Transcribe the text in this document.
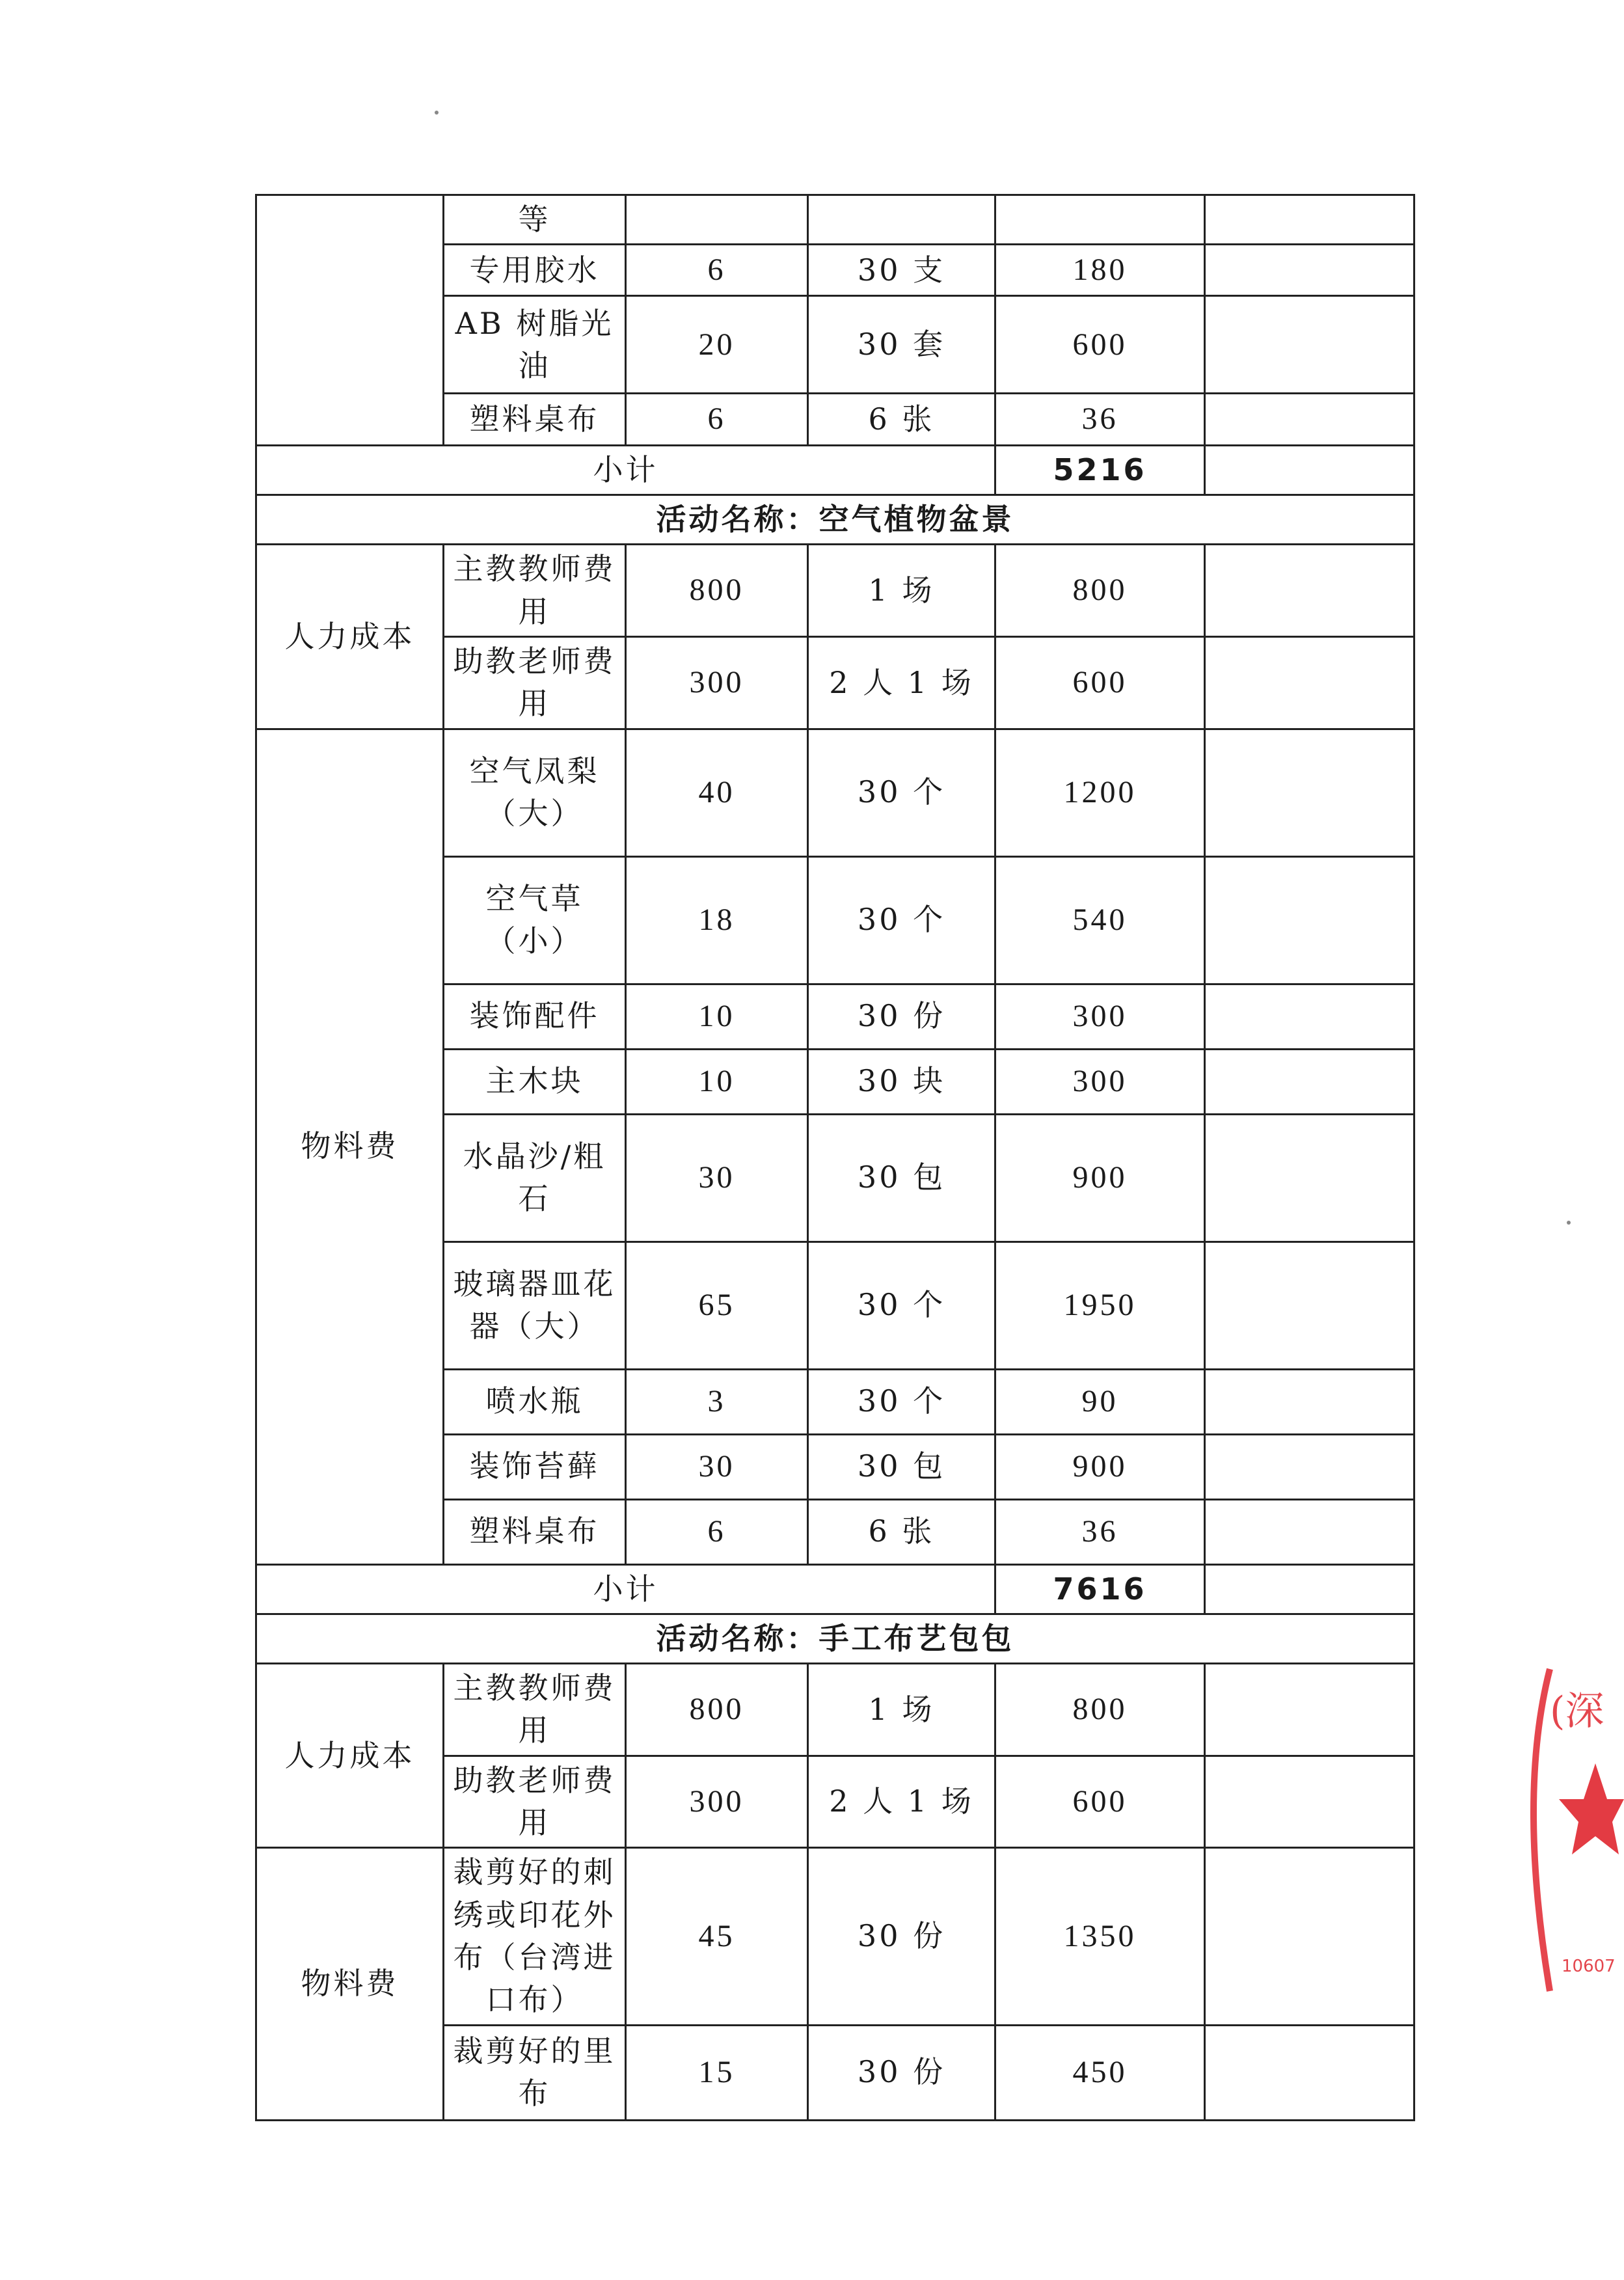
	等				
	专用胶水	6	30 支	180	
	AB 树脂光油	20	30 套	600	
	塑料桌布	6	6 张	36	
小计				5216	
活动名称：空气植物盆景					
人力成本	主教教师费用	800	1 场	800	
	助教老师费用	300	2 人 1 场	600	
物料费	空气凤梨（大）	40	30 个	1200	
	空气草（小）	18	30 个	540	
	装饰配件	10	30 份	300	
	主木块	10	30 块	300	
	水晶沙/粗石	30	30 包	900	
	玻璃器皿花器（大）	65	30 个	1950	
	喷水瓶	3	30 个	90	
	装饰苔藓	30	30 包	900	
	塑料桌布	6	6 张	36	
小计				7616	
活动名称：手工布艺包包					
人力成本	主教教师费用	800	1 场	800	
	助教老师费用	300	2 人 1 场	600	
物料费	裁剪好的刺绣或印花外布（台湾进口布）	45	30 份	1350	
	裁剪好的里布	15	30 份	450	
(深
10607
